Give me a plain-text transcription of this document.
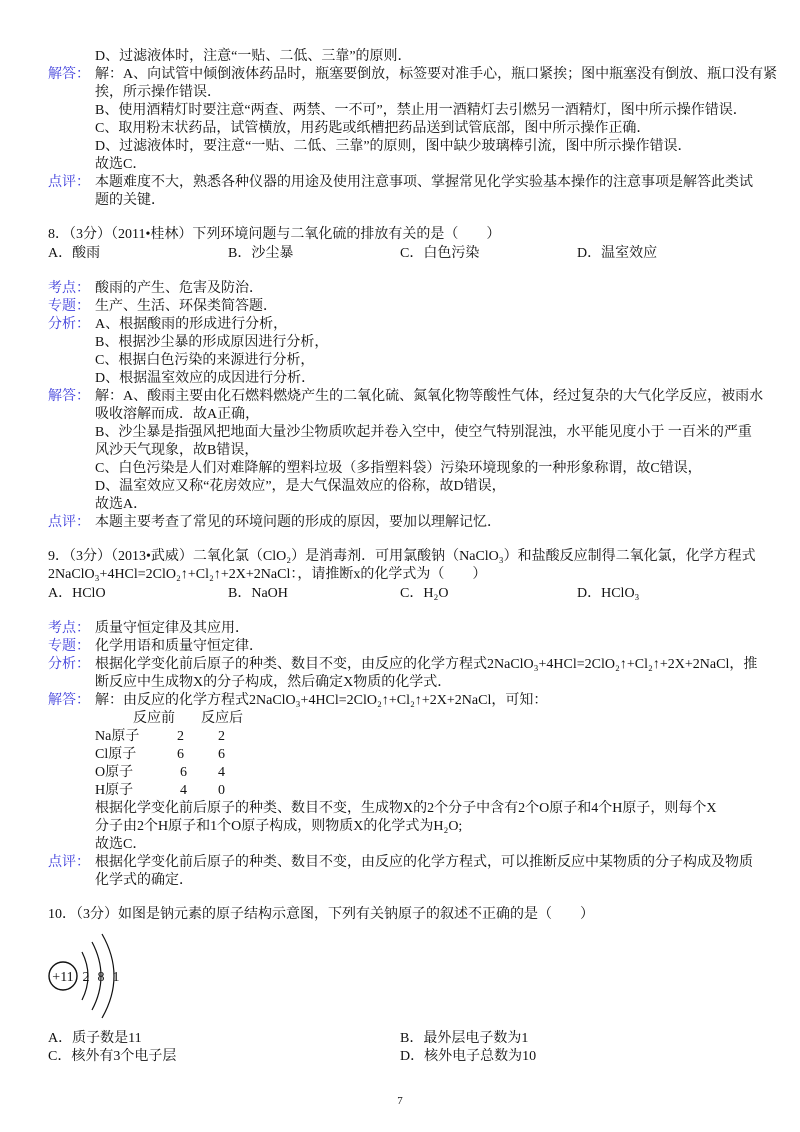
D、过滤液体时，注意“一贴、二低、三靠”的原则．
解答： 解：A、向试管中倾倒液体药品时，瓶塞要倒放，标签要对准手心，瓶口紧挨；图中瓶塞没有倒放、瓶口没有紧
挨，所示操作错误．
B、使用酒精灯时要注意“两查、两禁、一不可”，禁止用一酒精灯去引燃另一酒精灯，图中所示操作错误．
C、取用粉末状药品，试管横放，用药匙或纸槽把药品送到试管底部，图中所示操作正确．
D、过滤液体时，要注意“一贴、二低、三靠”的原则，图中缺少玻璃棒引流，图中所示操作错误．
故选C．
点评： 本题难度不大，熟悉各种仪器的用途及使用注意事项、掌握常见化学实验基本操作的注意事项是解答此类试
题的关键．
8．（3分）（2011•桂林）下列环境问题与二氧化硫的排放有关的是（　　）
A．酸雨	B．沙尘暴	C．白色污染	D．温室效应
考点： 酸雨的产生、危害及防治．
专题： 生产、生活、环保类简答题．
分析： A、根据酸雨的形成进行分析，
B、根据沙尘暴的形成原因进行分析，
C、根据白色污染的来源进行分析，
D、根据温室效应的成因进行分析．
解答： 解：A、酸雨主要由化石燃料燃烧产生的二氧化硫、氮氧化物等酸性气体，经过复杂的大气化学反应，被雨水
吸收溶解而成．故A正确，
B、沙尘暴是指强风把地面大量沙尘物质吹起并卷入空中，使空气特别混浊，水平能见度小于 一百米的严重
风沙天气现象，故B错误，
C、白色污染是人们对难降解的塑料垃圾（多指塑料袋）污染环境现象的一种形象称谓，故C错误，
D、温室效应又称“花房效应”，是大气保温效应的俗称，故D错误，
故选A．
点评： 本题主要考查了常见的环境问题的形成的原因，要加以理解记忆．
9．（3分）（2013•武威）二氧化氯（ClO₂）是消毒剂．可用氯酸钠（NaClO₃）和盐酸反应制得二氧化氯，化学方程式
2NaClO₃+4HCl=2ClO₂↑+Cl₂↑+2X+2NaCl：，请推断x的化学式为（　　）
A．HClO	B．NaOH	C．H₂O	D．HClO₃
考点： 质量守恒定律及其应用．
专题： 化学用语和质量守恒定律．
分析： 根据化学变化前后原子的种类、数目不变，由反应的化学方程式2NaClO₃+4HCl=2ClO₂↑+Cl₂↑+2X+2NaCl，推
断反应中生成物X的分子构成，然后确定X物质的化学式．
解答： 解：由反应的化学方程式2NaClO₃+4HCl=2ClO₂↑+Cl₂↑+2X+2NaCl，可知：
反应前 反应后
Na原子	2 2
Cl原子	6 6
O原子	6 4
H原子	4 0
根据化学变化前后原子的种类、数目不变，生成物X的2个分子中含有2个O原子和4个H原子，则每个X
分子由2个H原子和1个O原子构成，则物质X的化学式为H₂O;
故选C．
点评： 根据化学变化前后原子的种类、数目不变，由反应的化学方程式，可以推断反应中某物质的分子构成及物质
化学式的确定．
10．（3分）如图是钠元素的原子结构示意图，下列有关钠原子的叙述不正确的是（　　）
+11 2 8 1
A．质子数是11	B．最外层电子数为1
C．核外有3个电子层	D．核外电子总数为10
7
